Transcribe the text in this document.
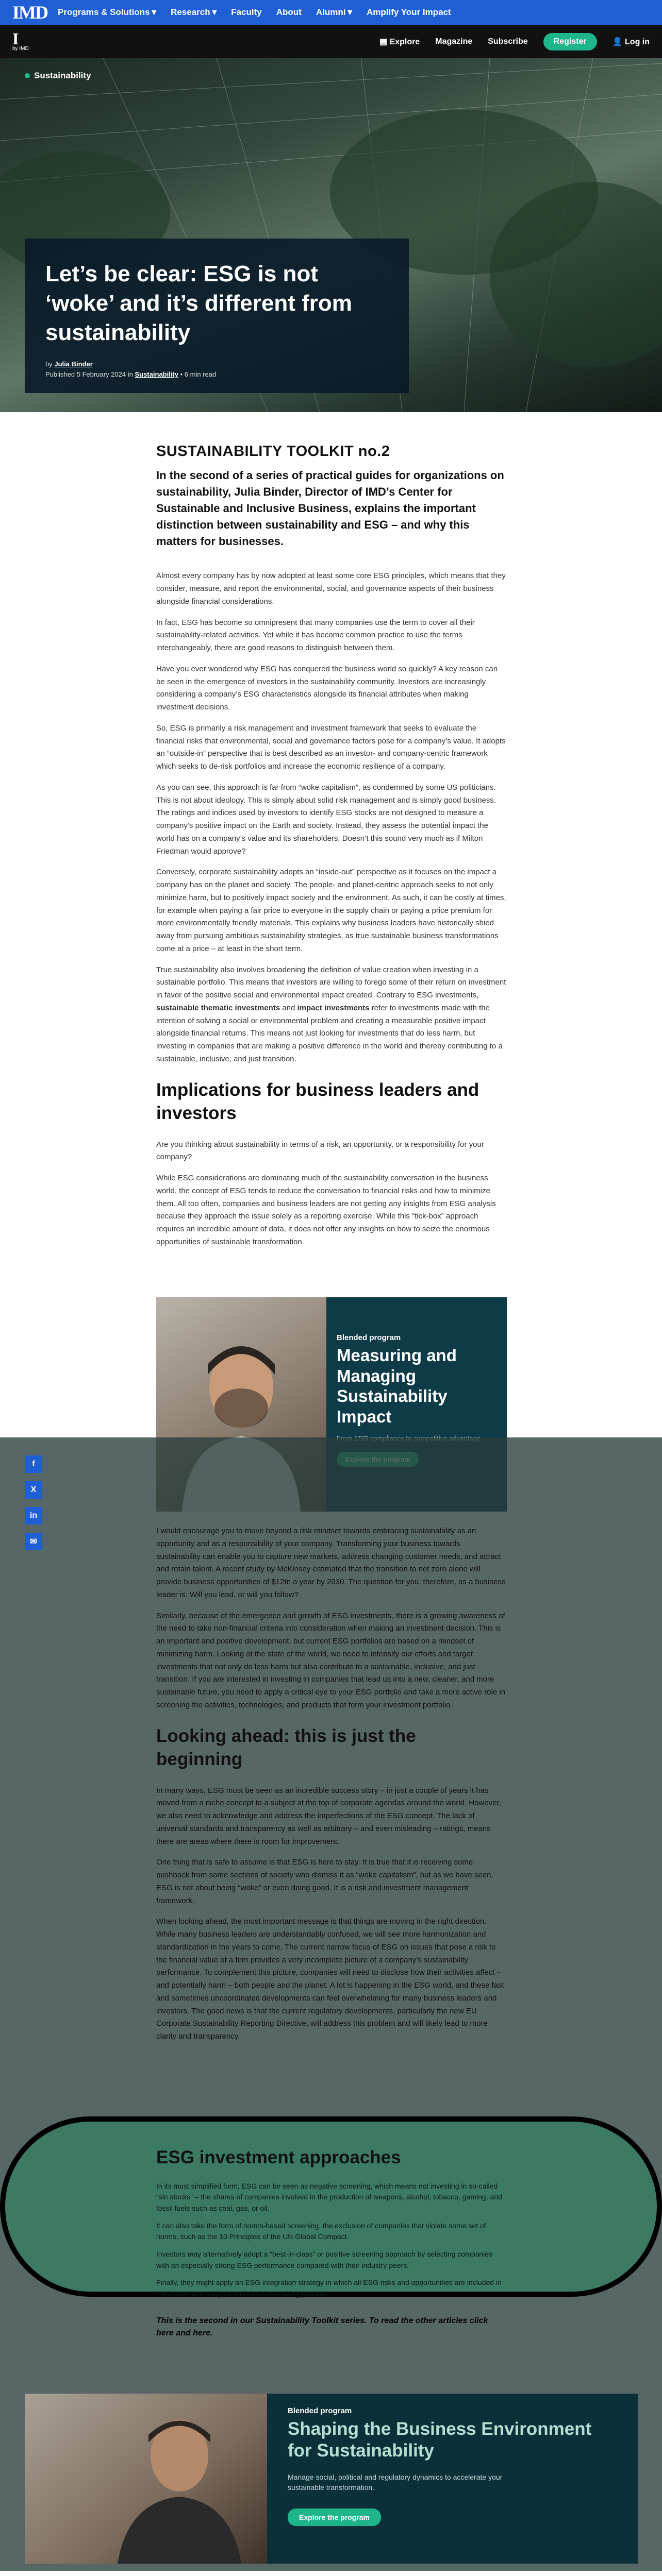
IMD Programs & Solutions ▾ Research ▾ Faculty About Alumni ▾ Amplify Your Impact
I
by IMD
▦ Explore Magazine Subscribe	Register	👤 Log in
Sustainability
Let’s be clear: ESG is not ‘woke’ and it’s different from sustainability
by Julia Binder
Published 5 February 2024 in Sustainability • 6 min read
SUSTAINABILITY TOOLKIT no.2
In the second of a series of practical guides for organizations on sustainability, Julia Binder, Director of IMD’s Center for Sustainable and Inclusive Business, explains the important distinction between sustainability and ESG – and why this matters for businesses.

Almost every company has by now adopted at least some core ESG principles, which means that they consider, measure, and report the environmental, social, and governance aspects of their business alongside financial considerations.

In fact, ESG has become so omnipresent that many companies use the term to cover all their sustainability-related activities. Yet while it has become common practice to use the terms interchangeably, there are good reasons to distinguish between them.

Have you ever wondered why ESG has conquered the business world so quickly? A key reason can be seen in the emergence of investors in the sustainability community. Investors are increasingly considering a company’s ESG characteristics alongside its financial attributes when making investment decisions.

So, ESG is primarily a risk management and investment framework that seeks to evaluate the financial risks that environmental, social and governance factors pose for a company’s value. It adopts an “outside-in” perspective that is best described as an investor- and company-centric framework which seeks to de-risk portfolios and increase the economic resilience of a company.

As you can see, this approach is far from “woke capitalism”, as condemned by some US politicians. This is not about ideology. This is simply about solid risk management and is simply good business. The ratings and indices used by investors to identify ESG stocks are not designed to measure a company’s positive impact on the Earth and society. Instead, they assess the potential impact the world has on a company’s value and its shareholders. Doesn’t this sound very much as if Milton Friedman would approve?

Conversely, corporate sustainability adopts an “inside-out” perspective as it focuses on the impact a company has on the planet and society. The people- and planet-centric approach seeks to not only minimize harm, but to positively impact society and the environment. As such, it can be costly at times, for example when paying a fair price to everyone in the supply chain or paying a price premium for more environmentally friendly materials. This explains why business leaders have historically shied away from pursuing ambitious sustainability strategies, as true sustainable business transformations come at a price – at least in the short term.

True sustainability also involves broadening the definition of value creation when investing in a sustainable portfolio. This means that investors are willing to forego some of their return on investment in favor of the positive social and environmental impact created. Contrary to ESG investments, sustainable thematic investments and impact investments refer to investments made with the intention of solving a social or environmental problem and creating a measurable positive impact alongside financial returns. This means not just looking for investments that do less harm, but investing in companies that are making a positive difference in the world and thereby contributing to a sustainable, inclusive, and just transition.

Implications for business leaders and investors

Are you thinking about sustainability in terms of a risk, an opportunity, or a responsibility for your company?

While ESG considerations are dominating much of the sustainability conversation in the business world, the concept of ESG tends to reduce the conversation to financial risks and how to minimize them. All too often, companies and business leaders are not getting any insights from ESG analysis because they approach the issue solely as a reporting exercise. While this “tick-box” approach requires an incredible amount of data, it does not offer any insights on how to seize the enormous opportunities of sustainable transformation.

Blended program
Measuring and Managing Sustainability Impact
f
X
in
✉

I would encourage you to move beyond a risk mindset towards embracing sustainability as an opportunity and as a responsibility of your company. Transforming your business towards sustainability can enable you to capture new markets, address changing customer needs, and attract and retain talent. A recent study by McKinsey estimated that the transition to net zero alone will provide business opportunities of $12tn a year by 2030. The question for you, therefore, as a business leader is: Will you lead, or will you follow?

Similarly, because of the emergence and growth of ESG investments, there is a growing awareness of the need to take non-financial criteria into consideration when making an investment decision. This is an important and positive development, but current ESG portfolios are based on a mindset of minimizing harm. Looking at the state of the world, we need to intensify our efforts and target investments that not only do less harm but also contribute to a sustainable, inclusive, and just transition. If you are interested in investing in companies that lead us into a new, cleaner, and more sustainable future, you need to apply a critical eye to your ESG portfolio and take a more active role in screening the activities, technologies, and products that form your investment portfolio.

Looking ahead: this is just the beginning

In many ways, ESG must be seen as an incredible success story – in just a couple of years it has moved from a niche concept to a subject at the top of corporate agendas around the world. However, we also need to acknowledge and address the imperfections of the ESG concept. The lack of universal standards and transparency as well as arbitrary – and even misleading – ratings, means there are areas where there is room for improvement.

One thing that is safe to assume is that ESG is here to stay. It is true that it is receiving some pushback from some sections of society who dismiss it as “woke capitalism”, but as we have seen, ESG is not about being “woke” or even doing good. It is a risk and investment management framework.

When looking ahead, the most important message is that things are moving in the right direction. While many business leaders are understandably confused, we will see more harmonization and standardization in the years to come. The current narrow focus of ESG on issues that pose a risk to the financial value of a firm provides a very incomplete picture of a company’s sustainability performance. To complement this picture, companies will need to disclose how their activities affect – and potentially harm – both people and the planet. A lot is happening in the ESG world, and these fast and sometimes uncoordinated developments can feel overwhelming for many business leaders and investors. The good news is that the current regulatory developments, particularly the new EU Corporate Sustainability Reporting Directive, will address this problem and will likely lead to more clarity and transparency.

ESG investment approaches

In its most simplified form, ESG can be seen as negative screening, which means not investing in so-called “sin stocks” – the shares of companies involved in the production of weapons, alcohol, tobacco, gaming, and fossil fuels such as coal, gas, or oil.

It can also take the form of norms-based screening, the exclusion of companies that violate some set of norms, such as the 10 Principles of the UN Global Compact.

Investors may alternatively adopt a “best-in-class” or positive screening approach by selecting companies with an especially strong ESG performance compared with their industry peers.

Finally, they might apply an ESG integration strategy in which all ESG risks and opportunities are included in the investment analysis and decision-making process.

This is the second in our Sustainability Toolkit series. To read the other articles click here and here.
Blended program
Shaping the Business Environment for Sustainability
Manage social, political and regulatory dynamics to accelerate your sustainable transformation.
Explore the program
